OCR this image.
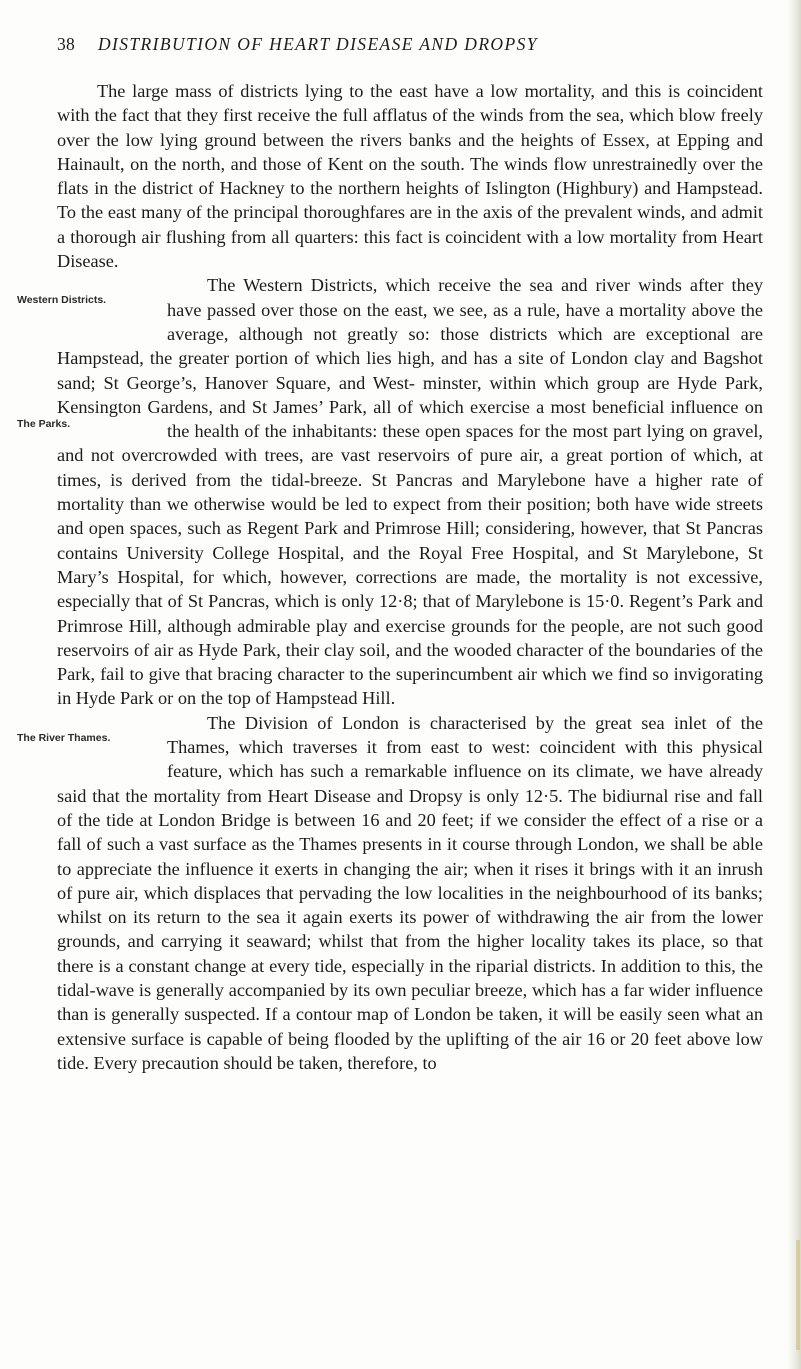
38 DISTRIBUTION OF HEART DISEASE AND DROPSY

The large mass of districts lying to the east have a low mortality, and this is coincident with the fact that they first receive the full afflatus of the winds from the sea, which blow freely over the low lying ground between the rivers banks and the heights of Essex, at Epping and Hainault, on the north, and those of Kent on the south. The winds flow unrestrainedly over the flats in the district of Hackney to the northern heights of Islington (Highbury) and Hampstead. To the east many of the principal thoroughfares are in the axis of the prevalent winds, and admit a thorough air flushing from all quarters: this fact is coincident with a low mortality from Heart Disease.

Western Districts.
The Western Districts, which receive the sea and river winds after they have passed over those on the east, we see, as a rule, have a mortality above the average, although not greatly so: those districts which are exceptional are Hampstead, the greater portion of which lies high, and has a site of London clay and Bagshot sand; St George’s, Hanover Square, and West- minster, within which group are Hyde Park, Kensington Gardens, and St James’ Park, all of which exercise a most beneficial influence on the health of the inhabitants:
The Parks.	these open spaces for the most part lying on gravel, and not overcrowded with trees, are vast reservoirs of pure air, a great portion of which, at times, is derived from the tidal-breeze. St Pancras and Marylebone have a higher rate of mortality than we otherwise would be led to expect from their position; both have wide streets and open spaces, such as Regent Park and Primrose Hill; considering, however, that St Pancras contains University College Hospital, and the Royal Free Hospital, and St Marylebone, St Mary’s Hospital, for which, however, corrections are made, the mortality is not excessive, especially that of St Pancras, which is only 12·8; that of Marylebone is 15·0. Regent’s Park and Primrose Hill, although admirable play and exercise grounds for the people, are not such good reservoirs of air as Hyde Park, their clay soil, and the wooded character of the boundaries of the Park, fail to give that bracing character to the superincumbent air which we find so invigorating in Hyde Park or on the top of Hampstead Hill.

The River Thames.
The Division of London is characterised by the great sea inlet of the Thames, which traverses it from east to west: coincident with this physical feature, which has such a remarkable influence on its climate, we have already said that the mortality from Heart Disease and Dropsy is only 12·5. The bidiurnal rise and fall of the tide at London Bridge is between 16 and 20 feet; if we consider the effect of a rise or a fall of such a vast surface as the Thames presents in it course through London, we shall be able to appreciate the influence it exerts in changing the air; when it rises it brings with it an inrush of pure air, which displaces that pervading the low localities in the neighbourhood of its banks; whilst on its return to the sea it again exerts its power of withdrawing the air from the lower grounds, and carrying it seaward; whilst that from the higher locality takes its place, so that there is a constant change at every tide, especially in the riparial districts. In addition to this, the tidal-wave is generally accompanied by its own peculiar breeze, which has a far wider influence than is generally suspected. If a contour map of London be taken, it will be easily seen what an extensive surface is capable of being flooded by the uplifting of the air 16 or 20 feet above low tide. Every precaution should be taken, therefore, to
